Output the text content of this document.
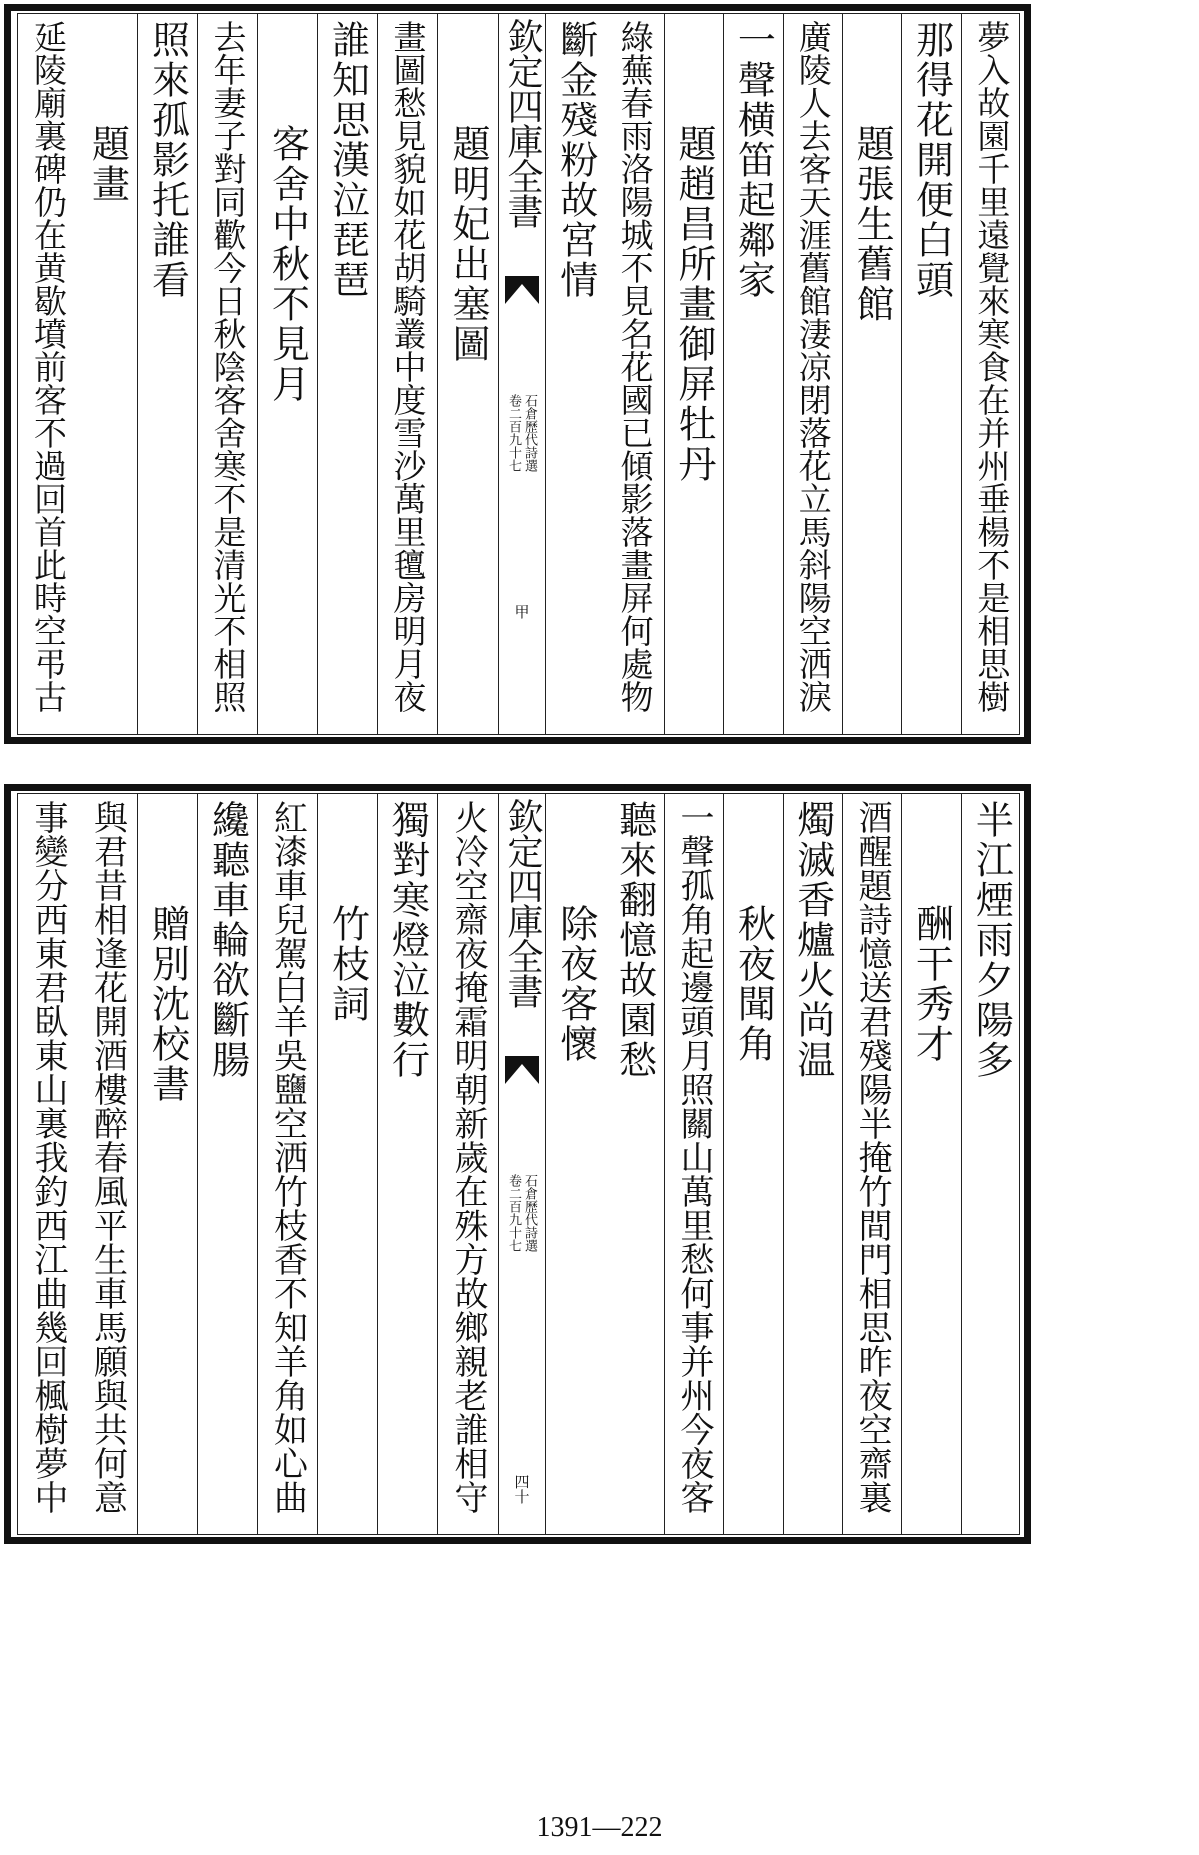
題明妃出塞圖
畫圖愁見貌如花胡騎叢中度雪沙萬里氊房明月夜
誰知思漢泣琵琶
客舍中秋不見月
去年妻子對同歡今日秋陰客舍寒不是清光不相照
照來孤影托誰看
題畫
延陵廟裏碑仍在黄歇墳前客不過回首此時空弔古	欽定四庫全書
石倉歷代詩選
卷二百九十七
甲	夢入故園千里遠覺來寒食在并州垂楊不是相思樹
那得花開便白頭
題張生舊館
廣陵人去客天涯舊館淒凉閉落花立馬斜陽空洒淚
一聲横笛起鄰家
題趙昌所畫御屏牡丹
綠蕪春雨洛陽城不見名花國已傾影落畫屏何處物
斷金殘粉故宮情
火冷空齋夜掩霜明朝新歲在殊方故鄉親老誰相守
獨對寒燈泣數行
竹枝詞
紅漆車兒駕白羊吳鹽空洒竹枝香不知羊角如心曲
纔聽車輪欲斷腸
贈別沈校書
與君昔相逢花開酒樓醉春風平生車馬願與共何意
事變分西東君臥東山裏我釣西江曲幾回楓樹夢中	欽定四庫全書
石倉歷代詩選
卷二百九十七
四十
半江煙雨夕陽多
酬干秀才
酒醒題詩憶送君殘陽半掩竹間門相思昨夜空齋裏
燭滅香爐火尚温
秋夜聞角
一聲孤角起邊頭月照關山萬里愁何事并州今夜客
聽來翻憶故園愁
除夜客懷
1391—222
